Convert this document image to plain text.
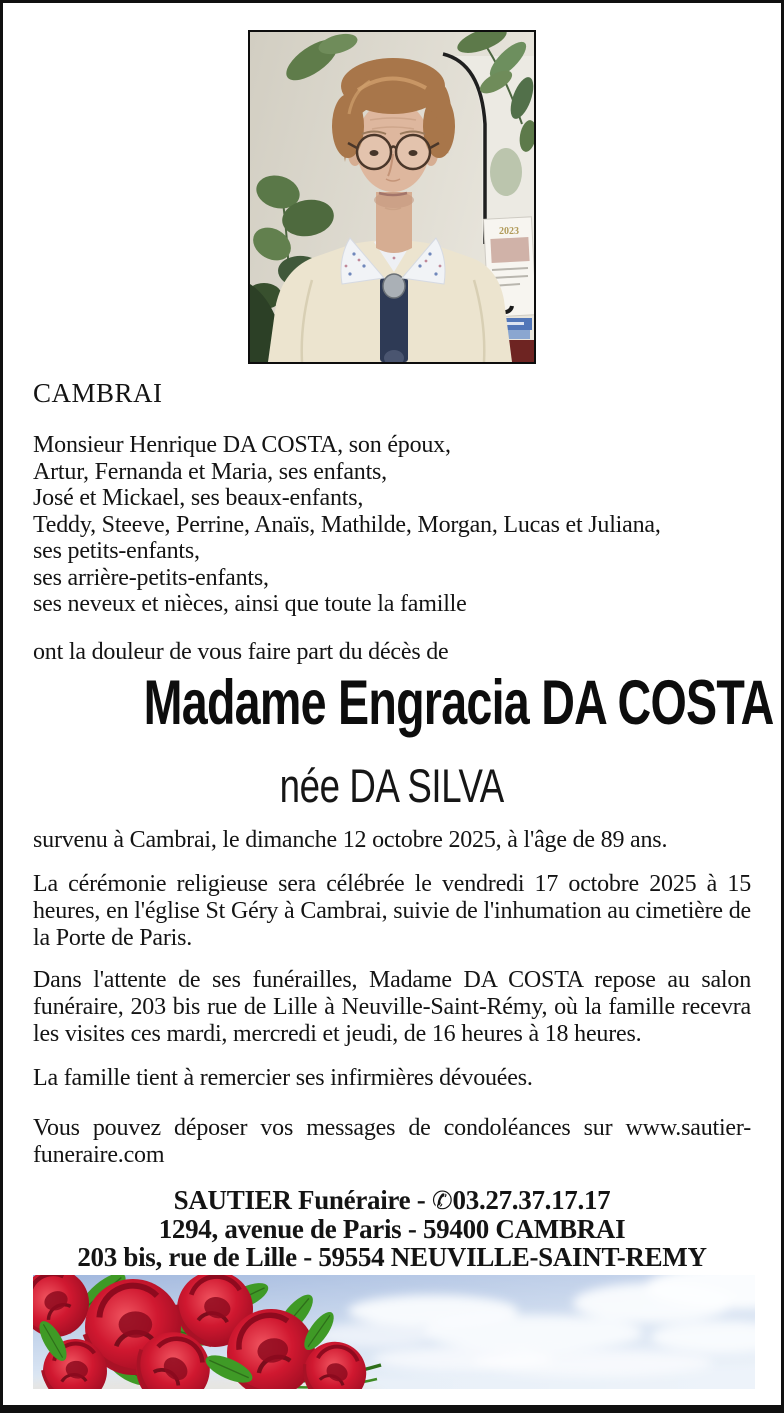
2023
CAMBRAI
Monsieur Henrique DA COSTA, son époux,
Artur, Fernanda et Maria, ses enfants,
José et Mickael, ses beaux-enfants,
Teddy, Steeve, Perrine, Anaïs, Mathilde, Morgan, Lucas et Juliana,
ses petits-enfants,
ses arrière-petits-enfants,
ses neveux et nièces, ainsi que toute la famille
ont la douleur de vous faire part du décès de
Madame Engracia DA COSTA
née DA SILVA
survenu à Cambrai, le dimanche 12 octobre 2025, à l'âge de 89 ans.
La cérémonie religieuse sera célébrée le vendredi 17 octobre 2025 à 15 heures, en l'église St Géry à Cambrai, suivie de l'inhumation au cimetière de la Porte de Paris.
Dans l'attente de ses funérailles, Madame DA COSTA repose au salon funéraire, 203 bis rue de Lille à Neuville-Saint-Rémy, où la famille recevra les visites ces mardi, mercredi et jeudi, de 16 heures à 18 heures.
La famille tient à remercier ses infirmières dévouées.
Vous pouvez déposer vos messages de condoléances sur www.sautier-funeraire.com
SAUTIER Funéraire - ✆03.27.37.17.17
1294, avenue de Paris - 59400 CAMBRAI
203 bis, rue de Lille - 59554 NEUVILLE-SAINT-REMY
